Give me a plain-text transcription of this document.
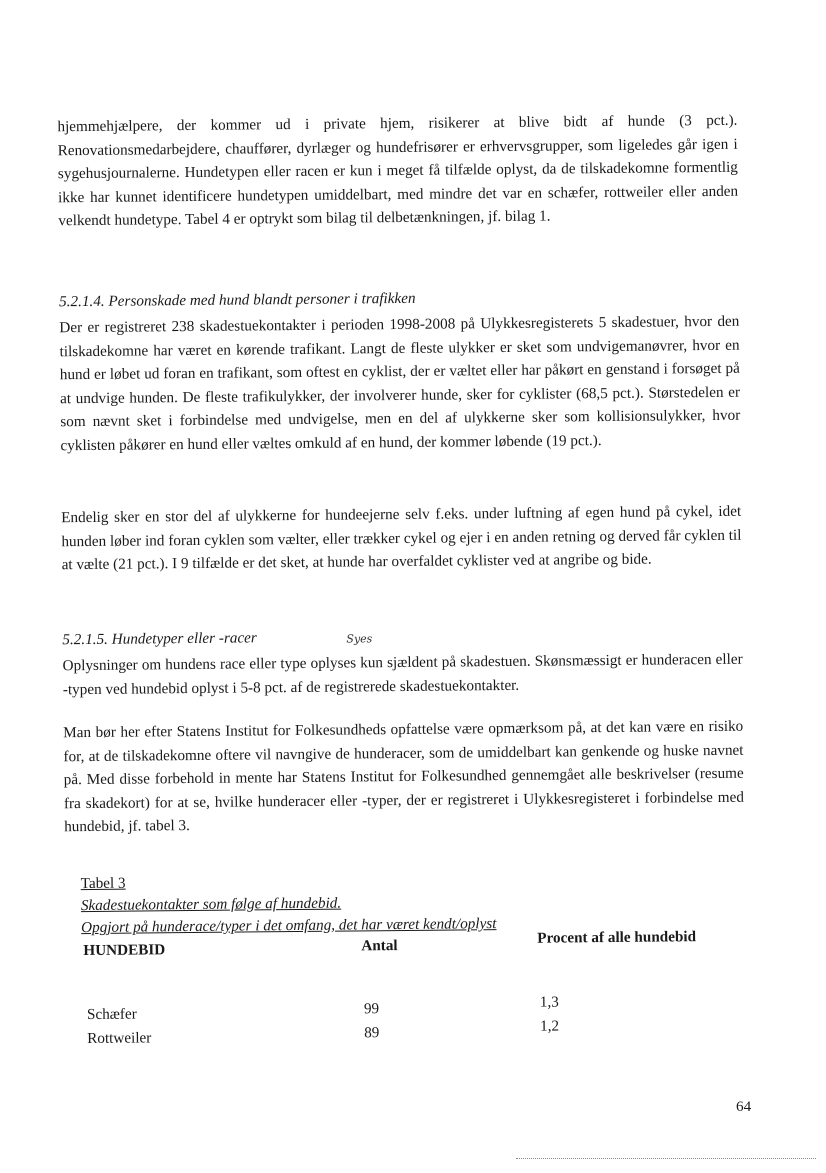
hjemmehjælpere, der kommer ud i private hjem, risikerer at blive bidt af hunde (3 pct.). Renovationsmedarbejdere, chauffører, dyrlæger og hundefrisører er erhvervsgrupper, som ligeledes går igen i sygehusjournalerne. Hundetypen eller racen er kun i meget få tilfælde oplyst, da de tilskadekomne formentlig ikke har kunnet identificere hundetypen umiddelbart, med mindre det var en schæfer, rottweiler eller anden velkendt hundetype. Tabel 4 er optrykt som bilag til delbetænkningen, jf. bilag 1.
5.2.1.4. Personskade med hund blandt personer i trafikken
Der er registreret 238 skadestuekontakter i perioden 1998-2008 på Ulykkesregisterets 5 skadestuer, hvor den tilskadekomne har været en kørende trafikant. Langt de fleste ulykker er sket som undvigemanøvrer, hvor en hund er løbet ud foran en trafikant, som oftest en cyklist, der er væltet eller har påkørt en genstand i forsøget på at undvige hunden. De fleste trafikulykker, der involverer hunde, sker for cyklister (68,5 pct.). Størstedelen er som nævnt sket i forbindelse med undvigelse, men en del af ulykkerne sker som kollisionsulykker, hvor cyklisten påkører en hund eller væltes omkuld af en hund, der kommer løbende (19 pct.).
Endelig sker en stor del af ulykkerne for hundeejerne selv f.eks. under luftning af egen hund på cykel, idet hunden løber ind foran cyklen som vælter, eller trækker cykel og ejer i en anden retning og derved får cyklen til at vælte (21 pct.). I 9 tilfælde er det sket, at hunde har overfaldet cyklister ved at angribe og bide.
Syes
5.2.1.5. Hundetyper eller -racer
Oplysninger om hundens race eller type oplyses kun sjældent på skadestuen. Skønsmæssigt er hunderacen eller -typen ved hundebid oplyst i 5-8 pct. af de registrerede skadestuekontakter.
Man bør her efter Statens Institut for Folkesundheds opfattelse være opmærksom på, at det kan være en risiko for, at de tilskadekomne oftere vil navngive de hunderacer, som de umiddelbart kan genkende og huske navnet på. Med disse forbehold in mente har Statens Institut for Folkesundhed gennemgået alle beskrivelser (resume fra skadekort) for at se, hvilke hunderacer eller -typer, der er registreret i Ulykkesregisteret i forbindelse med hundebid, jf. tabel 3.
Tabel 3
Skadestuekontakter som følge af hundebid.
Opgjort på hunderace/typer i det omfang, det har været kendt/oplyst
HUNDEBID	Antal	Procent af alle hundebid
Schæfer	99	1,3
Rottweiler	89	1,2
64
